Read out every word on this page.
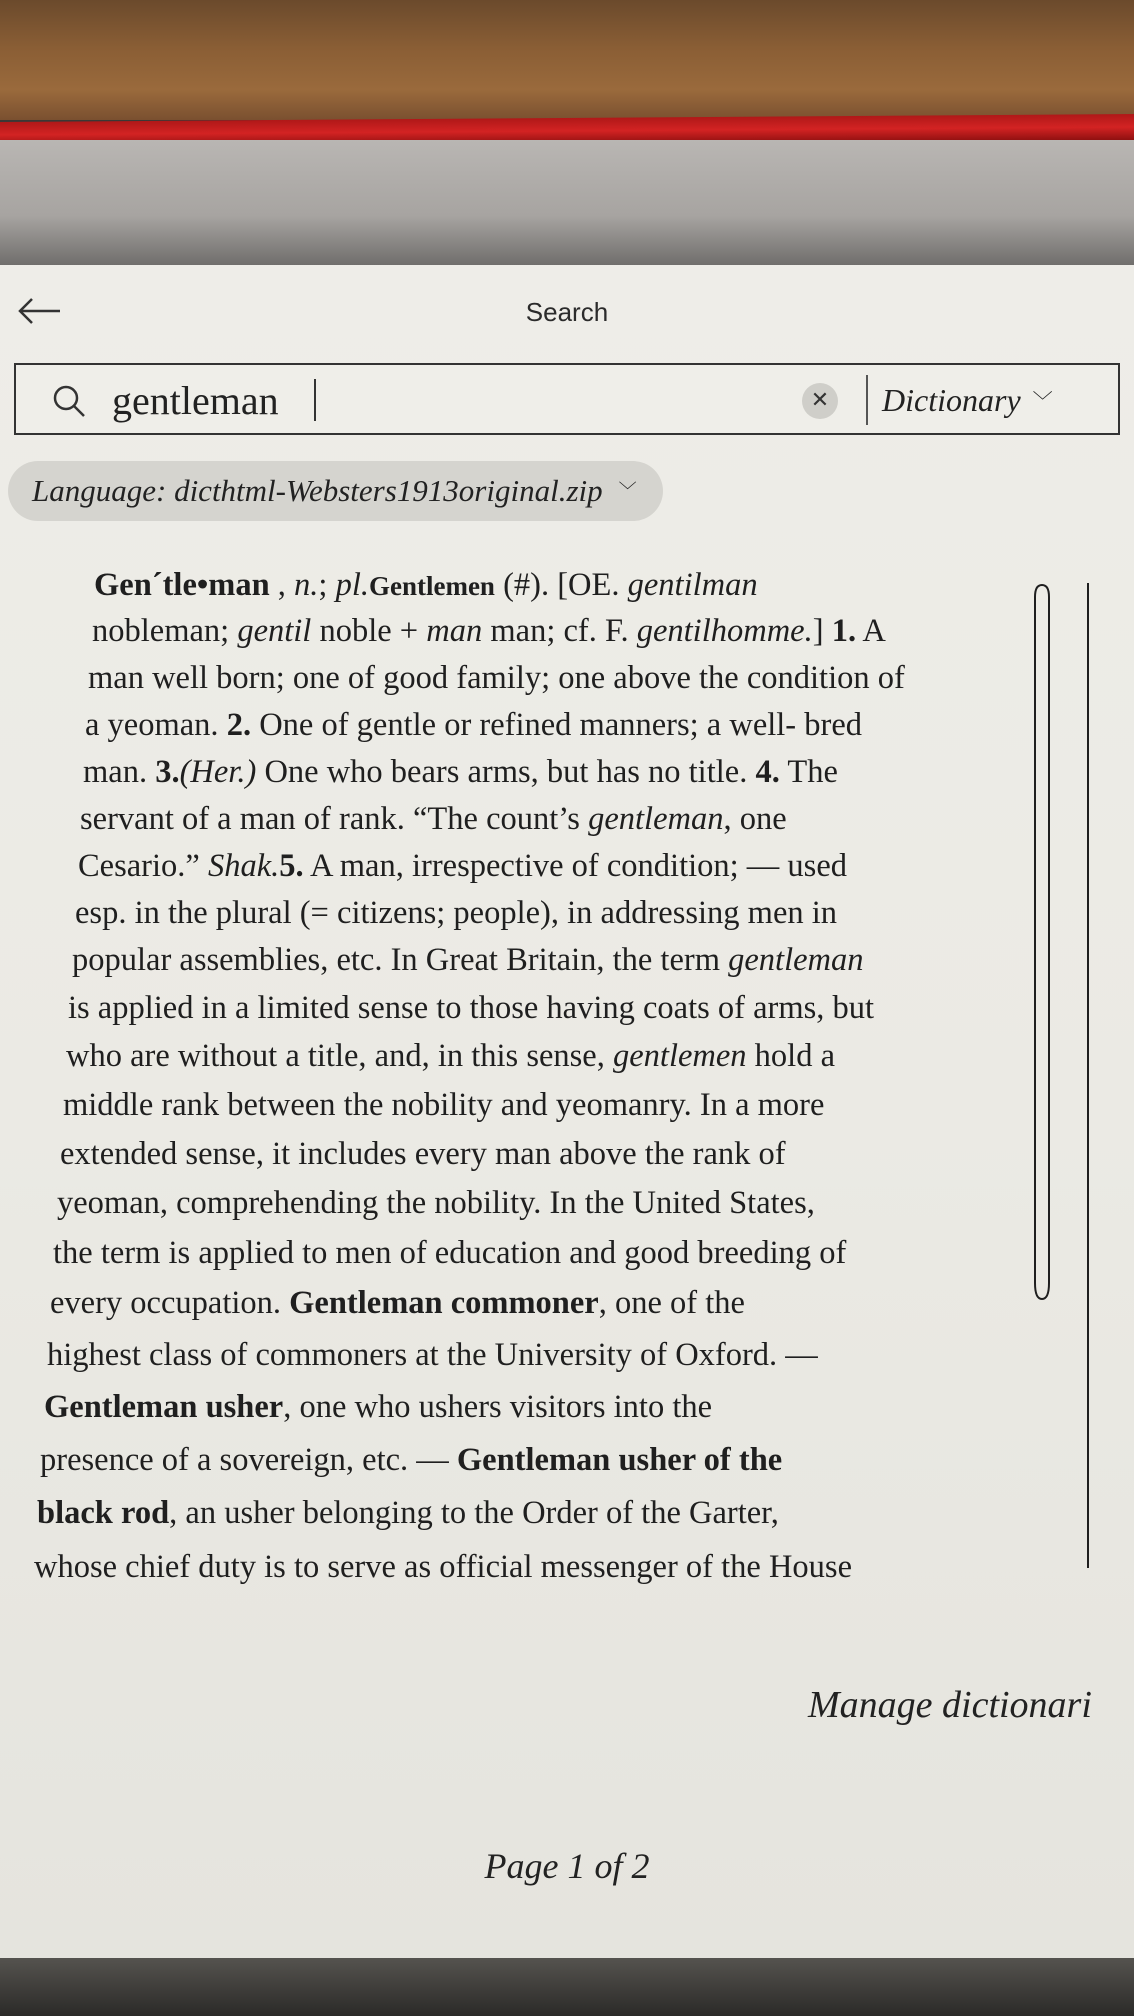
Search
gentleman
✕ Dictionary ﹀
Language: dicthtml-Websters1913original.zip ﹀
Gen´tle•man , n.; pl.Gentlemen (#). [OE. gentilman
nobleman; gentil noble + man man; cf. F. gentilhomme.] 1. A
man well born; one of good family; one above the condition of
a yeoman. 2. One of gentle or refined manners; a well- bred
man. 3.(Her.) One who bears arms, but has no title. 4. The
servant of a man of rank. “The count’s gentleman, one
Cesario.” Shak.5. A man, irrespective of condition; — used
esp. in the plural (= citizens; people), in addressing men in
popular assemblies, etc. In Great Britain, the term gentleman
is applied in a limited sense to those having coats of arms, but
who are without a title, and, in this sense, gentlemen hold a
middle rank between the nobility and yeomanry. In a more
extended sense, it includes every man above the rank of
yeoman, comprehending the nobility. In the United States,
the term is applied to men of education and good breeding of
every occupation. Gentleman commoner, one of the
highest class of commoners at the University of Oxford. —
Gentleman usher, one who ushers visitors into the
presence of a sovereign, etc. — Gentleman usher of the
black rod, an usher belonging to the Order of the Garter,
whose chief duty is to serve as official messenger of the House
Manage dictionari
Page 1 of 2
